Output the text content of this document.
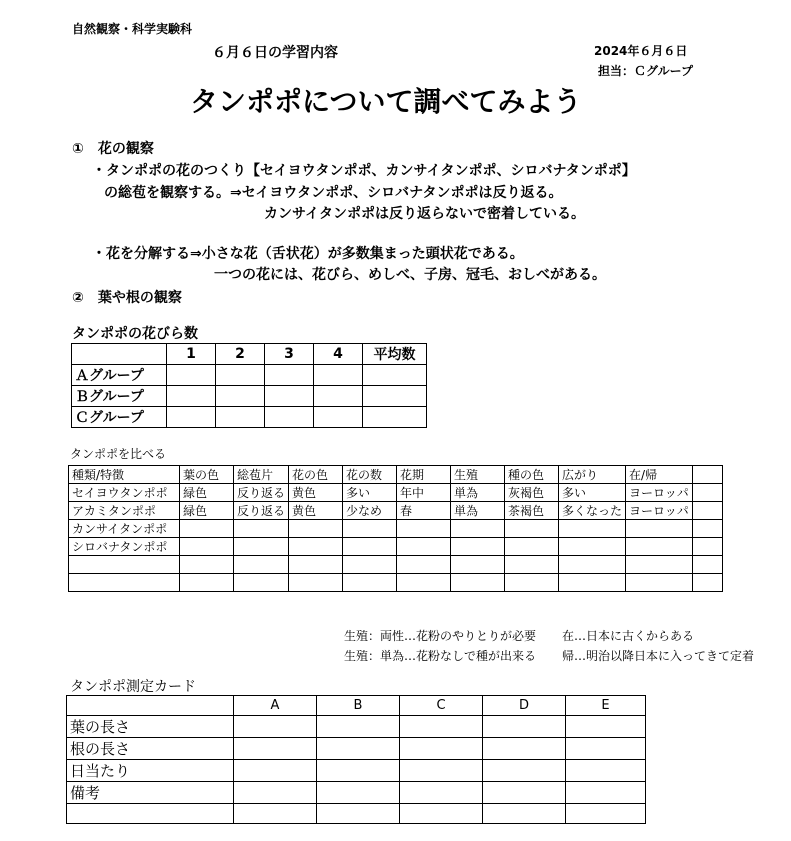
自然観察・科学実験科
６月６日の学習内容	2024年６月６日
担当：Ｃグループ
タンポポについて調べてみよう
①　花の観察
・タンポポの花のつくり【セイヨウタンポポ、カンサイタンポポ、シロバナタンポポ】
の総苞を観察する。⇒セイヨウタンポポ、シロバナタンポポは反り返る。
カンサイタンポポは反り返らないで密着している。
・花を分解する⇒小さな花（舌状花）が多数集まった頭状花である。
一つの花には、花びら、めしべ、子房、冠毛、おしべがある。
②　葉や根の観察
タンポポの花びら数
	1	2	3	4	平均数
Ａグループ					
Ｂグループ					
Ｃグループ					
タンポポを比べる
種類/特徴	葉の色	総苞片	花の色	花の数	花期	生殖	種の色	広がり	在/帰	
セイヨウタンポポ	緑色	反り返る	黄色	多い	年中	単為	灰褐色	多い	ヨーロッパ	
アカミタンポポ	緑色	反り返る	黄色	少なめ	春	単為	茶褐色	多くなった	ヨーロッパ	
カンサイタンポポ										
シロバナタンポポ										

生殖：両性…花粉のやりとりが必要 在…日本に古くからある
生殖：単為…花粉なしで種が出来る 帰…明治以降日本に入ってきて定着
タンポポ測定カード
	A	B	C	D	E
葉の長さ					
根の長さ					
日当たり					
備考					
